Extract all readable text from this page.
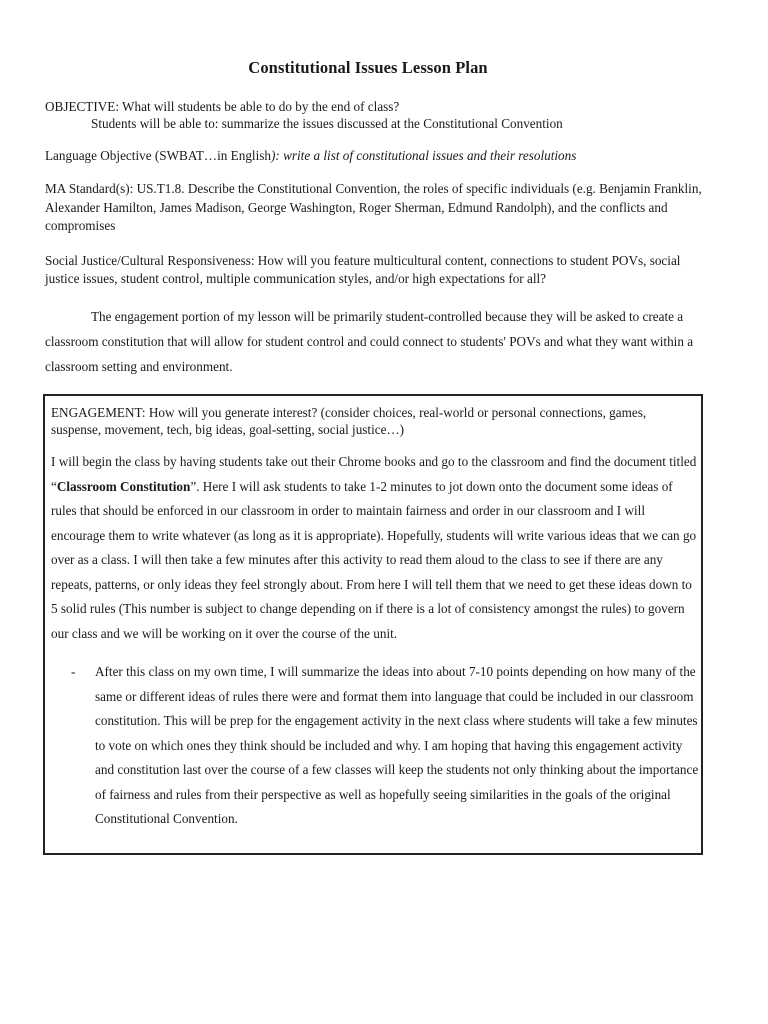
Constitutional Issues Lesson Plan
OBJECTIVE: What will students be able to do by the end of class?
Students will be able to: summarize the issues discussed at the Constitutional Convention
Language Objective (SWBAT…in English): write a list of constitutional issues and their resolutions
MA Standard(s): US.T1.8. Describe the Constitutional Convention, the roles of specific individuals (e.g. Benjamin Franklin, Alexander Hamilton, James Madison, George Washington, Roger Sherman, Edmund Randolph), and the conflicts and compromises
Social Justice/Cultural Responsiveness: How will you feature multicultural content, connections to student POVs, social justice issues, student control, multiple communication styles, and/or high expectations for all?
The engagement portion of my lesson will be primarily student-controlled because they will be asked to create a classroom constitution that will allow for student control and could connect to students' POVs and what they want within a classroom setting and environment.
ENGAGEMENT: How will you generate interest? (consider choices, real-world or personal connections, games, suspense, movement, tech, big ideas, goal-setting, social justice…)
I will begin the class by having students take out their Chrome books and go to the classroom and find the document titled “Classroom Constitution”. Here I will ask students to take 1-2 minutes to jot down onto the document some ideas of rules that should be enforced in our classroom in order to maintain fairness and order in our classroom and I will encourage them to write whatever (as long as it is appropriate). Hopefully, students will write various ideas that we can go over as a class. I will then take a few minutes after this activity to read them aloud to the class to see if there are any repeats, patterns, or only ideas they feel strongly about. From here I will tell them that we need to get these ideas down to 5 solid rules (This number is subject to change depending on if there is a lot of consistency amongst the rules) to govern our class and we will be working on it over the course of the unit.
-	After this class on my own time, I will summarize the ideas into about 7-10 points depending on how many of the same or different ideas of rules there were and format them into language that could be included in our classroom constitution. This will be prep for the engagement activity in the next class where students will take a few minutes to vote on which ones they think should be included and why. I am hoping that having this engagement activity and constitution last over the course of a few classes will keep the students not only thinking about the importance of fairness and rules from their perspective as well as hopefully seeing similarities in the goals of the original Constitutional Convention.
